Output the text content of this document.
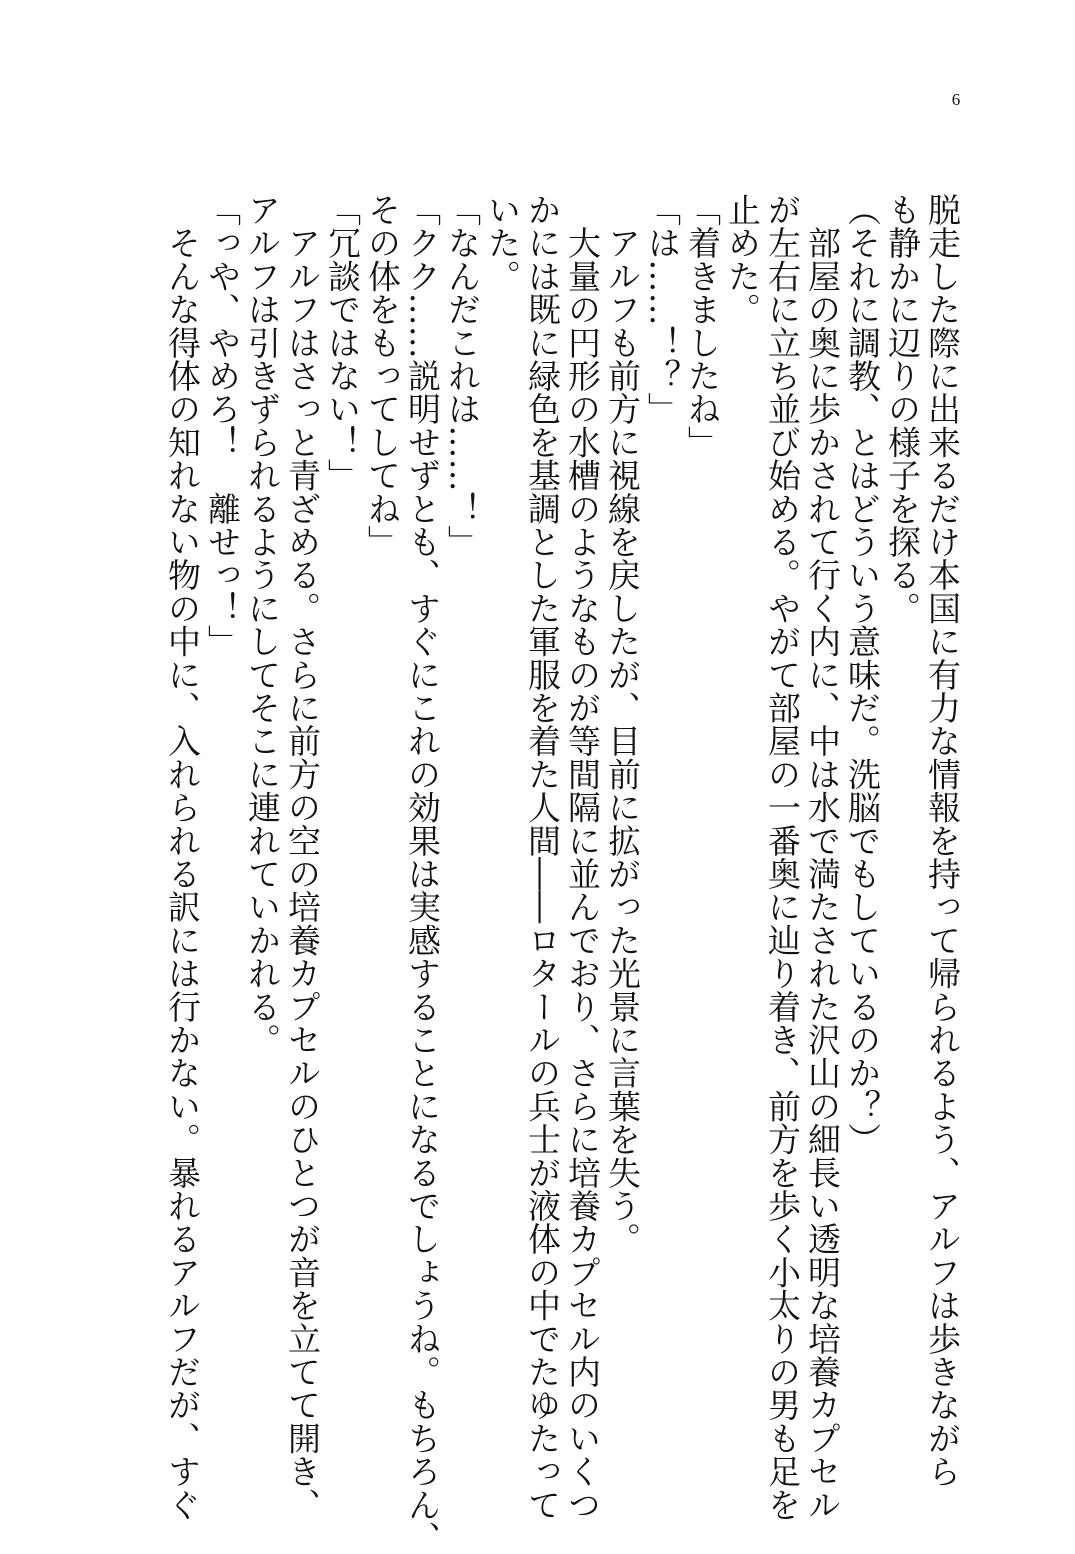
6
脱走した際に出来るだけ本国に有力な情報を持って帰られるよう、アルフは歩きながら
も静かに辺りの様子を探る。
（それに調教、とはどういう意味だ。洗脳でもしているのか？）
　部屋の奥に歩かされて行く内に、中は水で満たされた沢山の細長い透明な培養カプセル
が左右に立ち並び始める。やがて部屋の一番奥に辿り着き、前方を歩く小太りの男も足を
止めた。
「着きましたね」
「は……！？」
　アルフも前方に視線を戻したが、目前に拡がった光景に言葉を失う。
　大量の円形の水槽のようなものが等間隔に並んでおり、さらに培養カプセル内のいくつ
かには既に緑色を基調とした軍服を着た人間――ロタールの兵士が液体の中でたゆたって
いた。
「なんだこれは……！」
「クク……説明せずとも、すぐにこれの効果は実感することになるでしょうね。もちろん、
その体をもってしてね」
「冗談ではない！」
　アルフはさっと青ざめる。さらに前方の空の培養カプセルのひとつが音を立てて開き、
アルフは引きずられるようにしてそこに連れていかれる。
「っや、やめろ！　離せっ！」
　そんな得体の知れない物の中に、入れられる訳には行かない。暴れるアルフだが、すぐ
